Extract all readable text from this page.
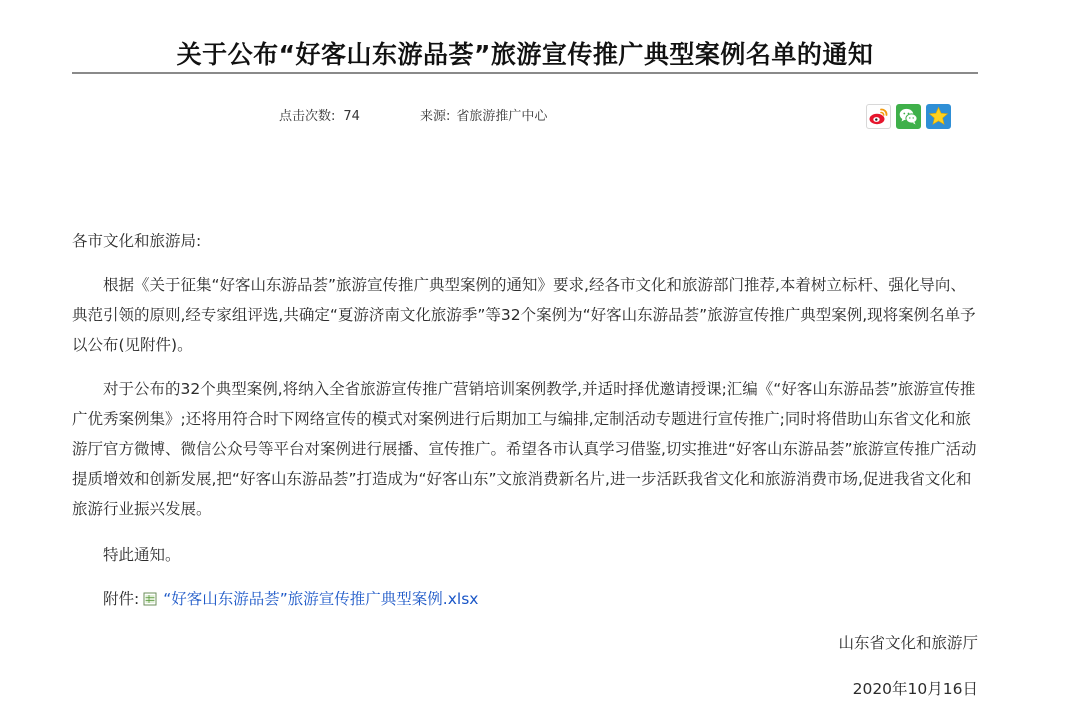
关于公布“好客山东游品荟”旅游宣传推广典型案例名单的通知
点击次数: 74	来源: 省旅游推广中心
各市文化和旅游局:
根据《关于征集“好客山东游品荟”旅游宣传推广典型案例的通知》要求,经各市文化和旅游部门推荐,本着树立标杆、强化导向、典范引领的原则,经专家组评选,共确定“夏游济南文化旅游季”等32个案例为“好客山东游品荟”旅游宣传推广典型案例,现将案例名单予以公布(见附件)。
对于公布的32个典型案例,将纳入全省旅游宣传推广营销培训案例教学,并适时择优邀请授课;汇编《“好客山东游品荟”旅游宣传推广优秀案例集》;还将用符合时下网络宣传的模式对案例进行后期加工与编排,定制活动专题进行宣传推广;同时将借助山东省文化和旅游厅官方微博、微信公众号等平台对案例进行展播、宣传推广。希望各市认真学习借鉴,切实推进“好客山东游品荟”旅游宣传推广活动提质增效和创新发展,把“好客山东游品荟”打造成为“好客山东”文旅消费新名片,进一步活跃我省文化和旅游消费市场,促进我省文化和旅游行业振兴发展。
特此通知。
附件: “好客山东游品荟”旅游宣传推广典型案例.xlsx
山东省文化和旅游厅
2020年10月16日
